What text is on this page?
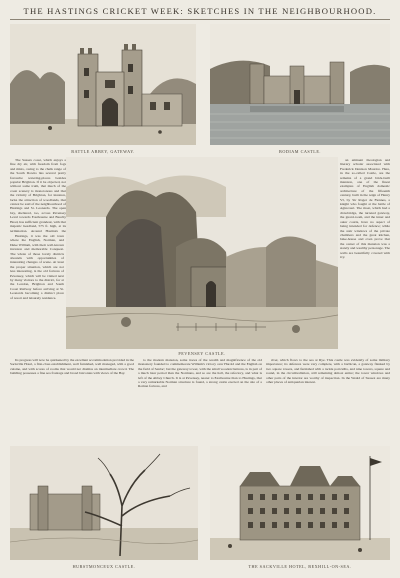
THE HASTINGS CRICKET WEEK: SKETCHES IN THE NEIGHBOURHOOD.
BATTLE ABBEY, GATEWAY.	BODIAM CASTLE.

The Sussex coast, which enjoys fine dry air, with freedom from fogs and mists, owing to the chalk range of the South Downs lies several pretty favourite watering-places besides popular Brighton. If it be objected, not without some truth, that much of the coast scenery is monotonous and that the vicinity of Brighton, for instance, lacks the attraction of woodlands, that cannot be said of the neighbourhood of Hastings and St. Leonards. The open bay, sheltered, too, across Pevensey Level towards Eastbourne and Beachy Head, has sufficient grandeur, with that majestic headland, 575 ft. high, at its termination. Around Hastings the

PEVENSEY CASTLE.

Hastings, it was the old town where the English, Norman, and Duke William, with their well-known invasion and memorable Conquest. The whole of those lovely districts abounds with opportunities of interesting changes of scene. At least the proper situation, which are not less interesting, is the old fortress of Pevensey, which will be visited next by many visitors to the district, for at the London, Brighton and South Coast Railway before arriving at St. Leonards becoming a distinct place of resort and leisurely residence.

Its progress will now be quickened by the excellent accommodation provided in the Sackville Hotel, a first-class establishment, well furnished, well managed, with a good cuisine, and with scores of rooms that would not dismiss an intermediate crowd. The building possesses a fine sea frontage and broad balconies with views of the Bay.

an eminent theologian and literary scholar associated with Frederick Denison Maurice. Here, in the so-called Castle, are the remains of a grand brick-built mansion, one of the finest examples of English domestic architecture of the fifteenth century, built in the reign of Henry VI, by Sir Roger de Fiennes, a knight who fought at the battle of Agincourt. The moat, which had a drawbridge, the turreted gateway, the guard-room, and the inner and outer courts, have no aspect of being intended for defence; while the stair windows of the private chambers and the great kitchen, bake-house and oven prove that the owner of this mansion was a stately and wealthy personage. The walls are beautifully covered with ivy.

to the modern mansion, some traces of the wealth and magnificence of the old monastery founded to commemorate William's victory over Harold and the English on the field of Senlac; but the gateway tower, with the small wooden buttress, is in part of a much later period than the Normans, and so are the hall, the refectory, and what is left of the Abbey Church. It is at Pevensey, nearer to Eastbourne than to Hastings, that a very remarkable Norman structure is found, a strong castle erected on the site of a Roman fortress, and

river, which flows to the sea at Rye. This castle was evidently of some military importance; its defences were very complete, with a barbican, a gateway flanked by two square towers, and furnished with a tackle portcullis, and nine towers, square and round, in the circumvallation, still remaining almost entire; the tower windows and other parts of the interior are worthy of inspection. In the Weald of Sussex are many other places of antiquarian interest.

HURSTMONCEUX CASTLE.	THE SACKVILLE HOTEL, BEXHILL-ON-SEA.
